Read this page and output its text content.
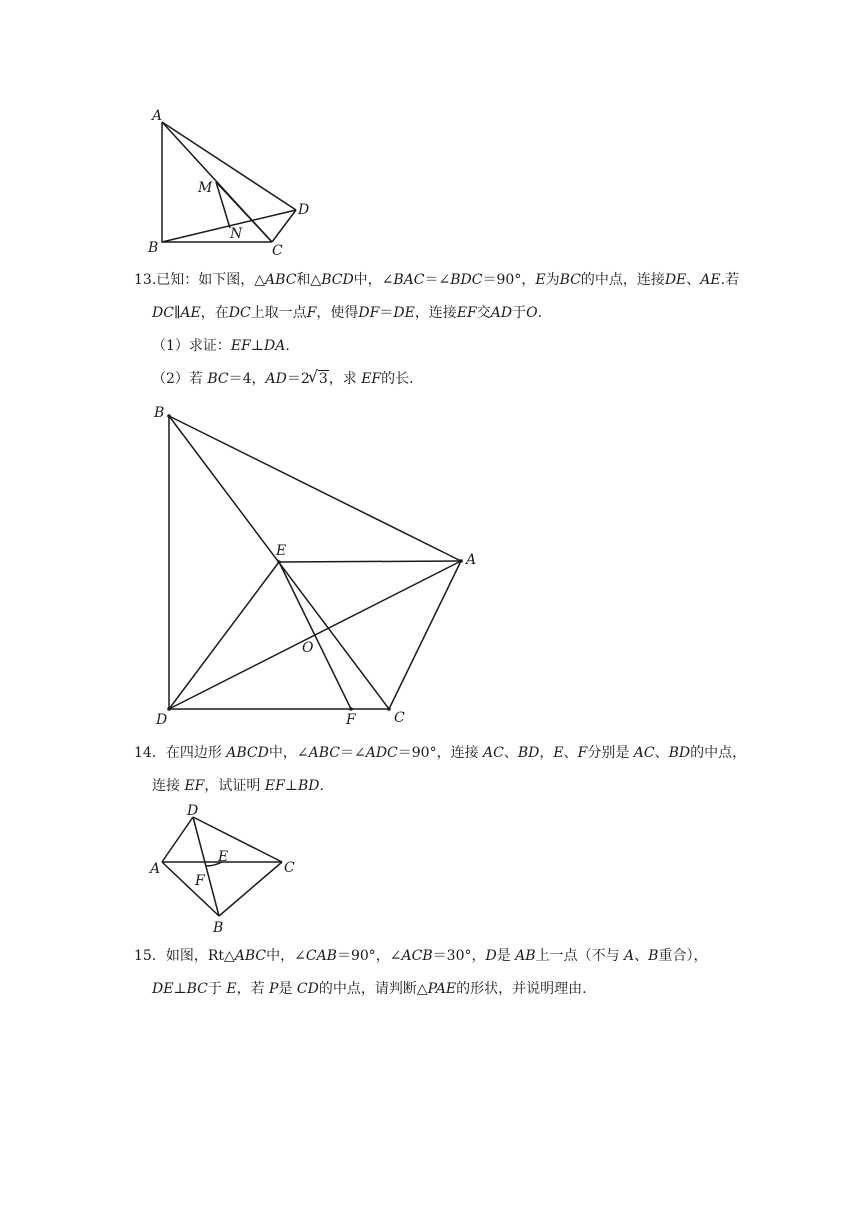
A
B	C
D
M
N
13.已知：如下图，△ABC和△BCD中，∠BAC＝∠BDC＝90°，E为BC的中点，连接DE、AE.若
DC∥AE，在DC上取一点F，使得DF＝DE，连接EF交AD于O.
（1）求证：EF⊥DA.
（2）若 BC＝4，AD＝2√ 3，求 EF的长.
B
E
A
O
D	F	C
14．在四边形 ABCD中，∠ABC＝∠ADC＝90°，连接 AC、BD，E、F分别是 AC、BD的中点，
连接 EF，试证明 EF⊥BD.
D
A
E
C
F
B
15．如图，Rt△ABC中，∠CAB＝90°，∠ACB＝30°，D是 AB上一点（不与 A、B重合），
DE⊥BC于 E，若 P是 CD的中点，请判断△PAE的形状，并说明理由.
